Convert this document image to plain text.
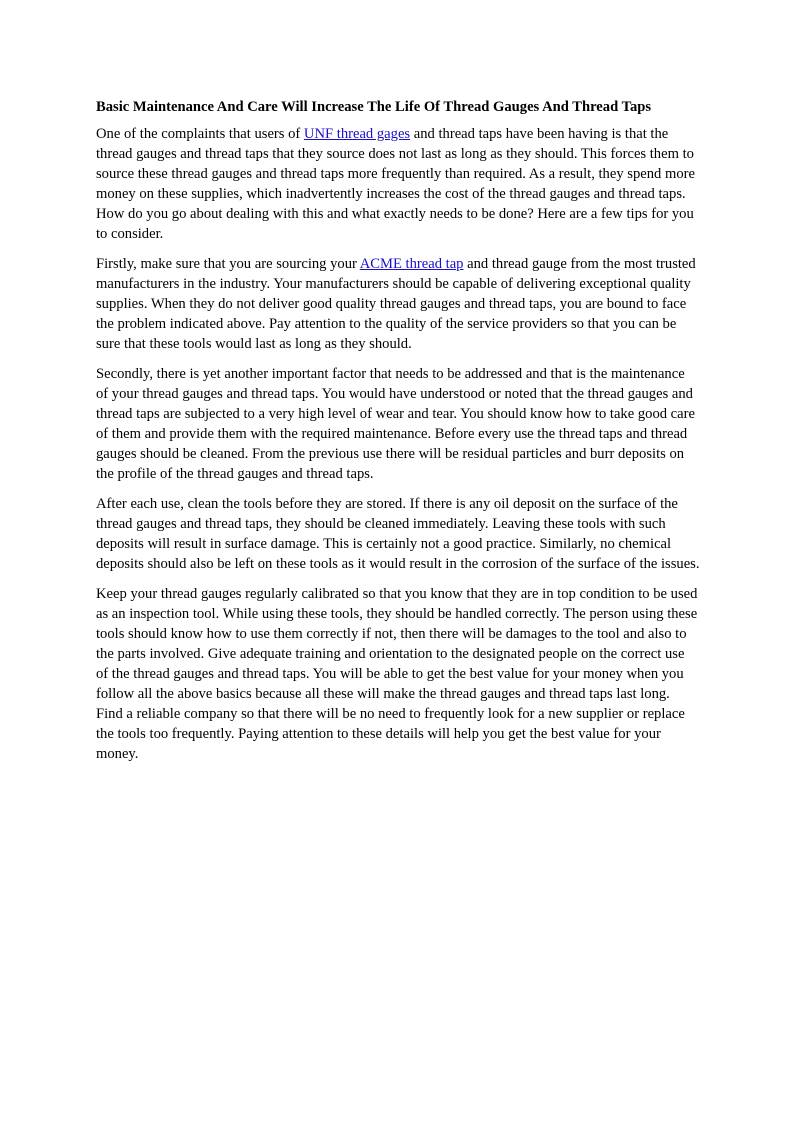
Basic Maintenance And Care Will Increase The Life Of Thread Gauges And Thread Taps

One of the complaints that users of UNF thread gages and thread taps have been having is that the thread gauges and thread taps that they source does not last as long as they should. This forces them to source these thread gauges and thread taps more frequently than required. As a result, they spend more money on these supplies, which inadvertently increases the cost of the thread gauges and thread taps. How do you go about dealing with this and what exactly needs to be done? Here are a few tips for you to consider.

Firstly, make sure that you are sourcing your ACME thread tap and thread gauge from the most trusted manufacturers in the industry. Your manufacturers should be capable of delivering exceptional quality supplies. When they do not deliver good quality thread gauges and thread taps, you are bound to face the problem indicated above. Pay attention to the quality of the service providers so that you can be sure that these tools would last as long as they should.

Secondly, there is yet another important factor that needs to be addressed and that is the maintenance of your thread gauges and thread taps. You would have understood or noted that the thread gauges and thread taps are subjected to a very high level of wear and tear. You should know how to take good care of them and provide them with the required maintenance. Before every use the thread taps and thread gauges should be cleaned. From the previous use there will be residual particles and burr deposits on the profile of the thread gauges and thread taps.

After each use, clean the tools before they are stored. If there is any oil deposit on the surface of the thread gauges and thread taps, they should be cleaned immediately. Leaving these tools with such deposits will result in surface damage. This is certainly not a good practice. Similarly, no chemical deposits should also be left on these tools as it would result in the corrosion of the surface of the issues.

Keep your thread gauges regularly calibrated so that you know that they are in top condition to be used as an inspection tool. While using these tools, they should be handled correctly. The person using these tools should know how to use them correctly if not, then there will be damages to the tool and also to the parts involved. Give adequate training and orientation to the designated people on the correct use of the thread gauges and thread taps. You will be able to get the best value for your money when you follow all the above basics because all these will make the thread gauges and thread taps last long. Find a reliable company so that there will be no need to frequently look for a new supplier or replace the tools too frequently. Paying attention to these details will help you get the best value for your money.
